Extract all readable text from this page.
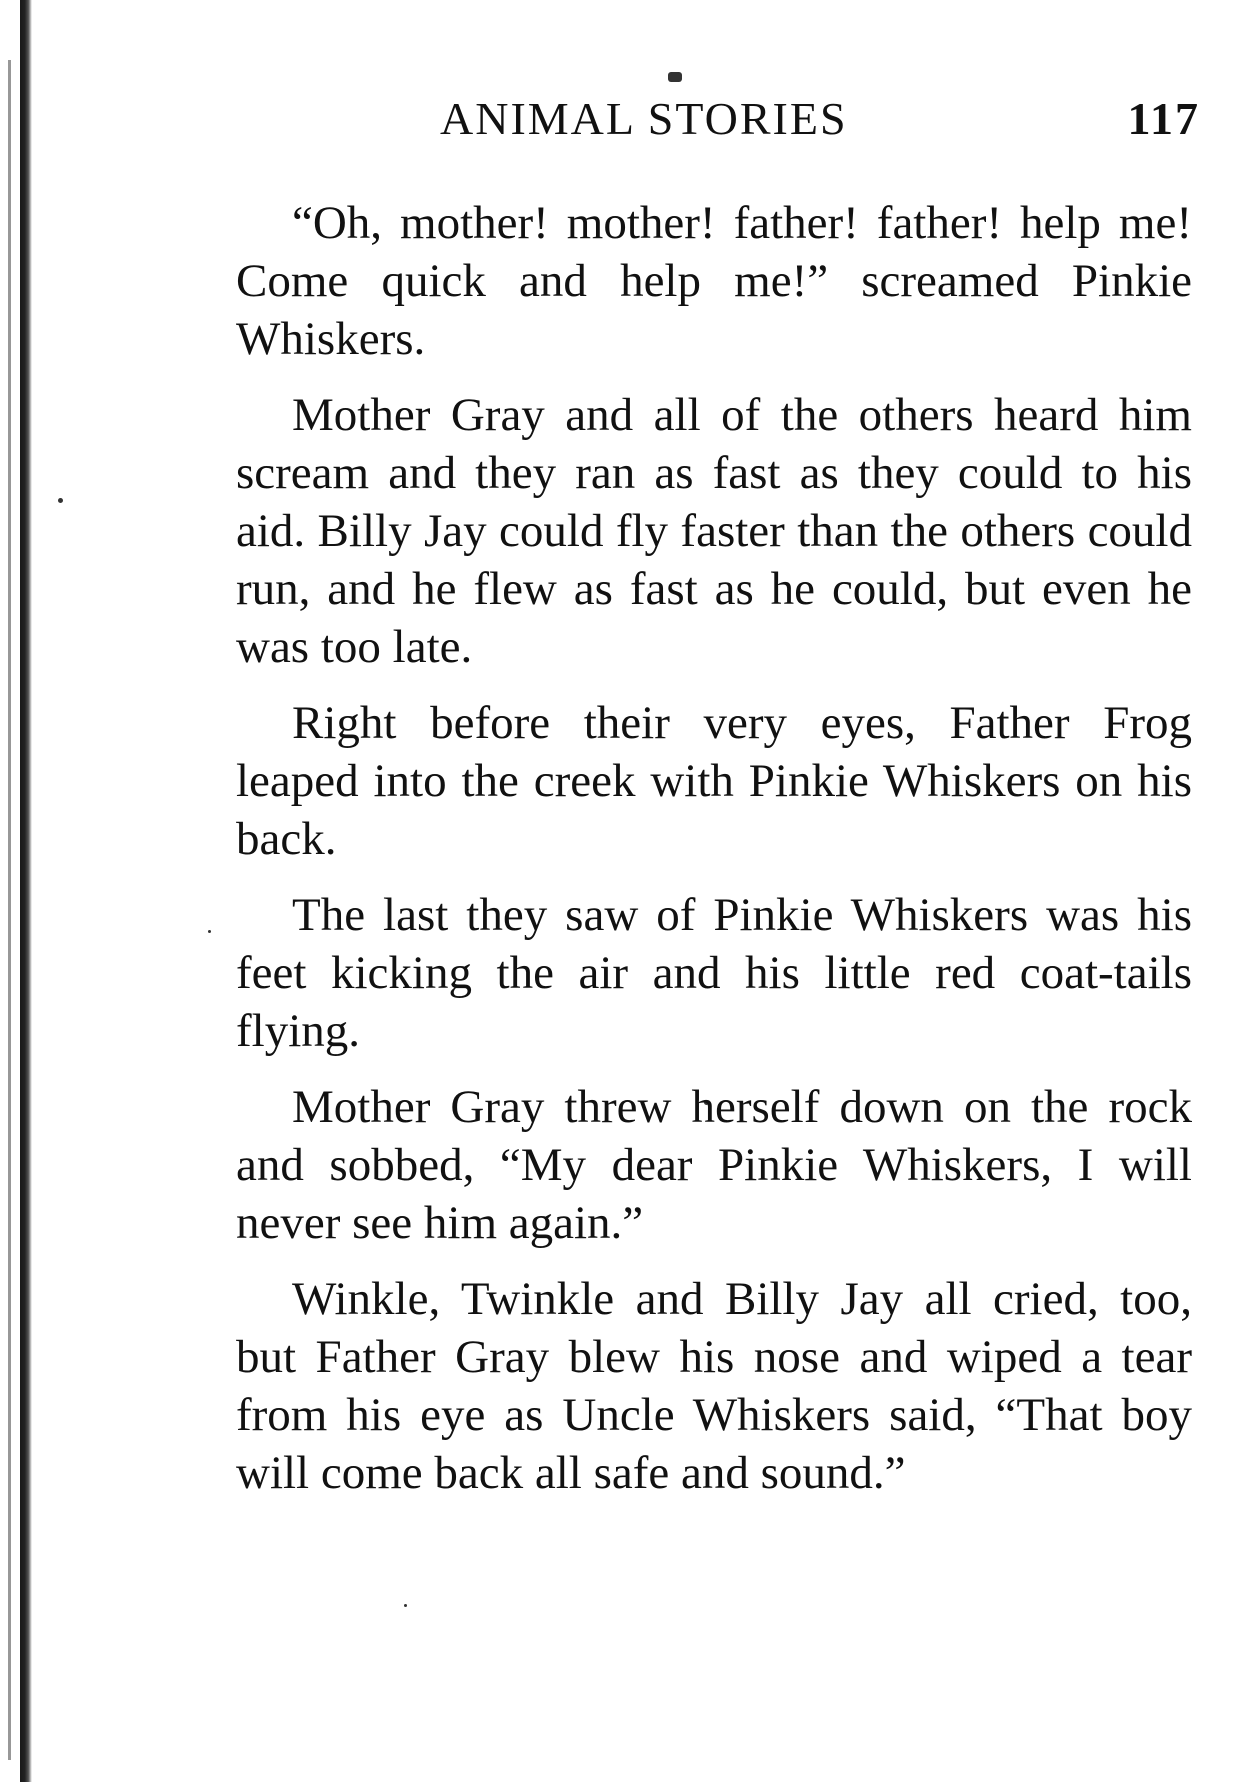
ANIMAL STORIES	117

“Oh, mother! mother! father! father! help me! Come quick and help me!” screamed Pinkie Whiskers.

Mother Gray and all of the others heard him scream and they ran as fast as they could to his aid. Billy Jay could fly faster than the others could run, and he flew as fast as he could, but even he was too late.

Right before their very eyes, Father Frog leaped into the creek with Pinkie Whiskers on his back.

The last they saw of Pinkie Whiskers was his feet kicking the air and his little red coat-tails flying.

Mother Gray threw herself down on the rock and sobbed, “My dear Pinkie Whiskers, I will never see him again.”

Winkle, Twinkle and Billy Jay all cried, too, but Father Gray blew his nose and wiped a tear from his eye as Uncle Whiskers said, “That boy will come back all safe and sound.”
